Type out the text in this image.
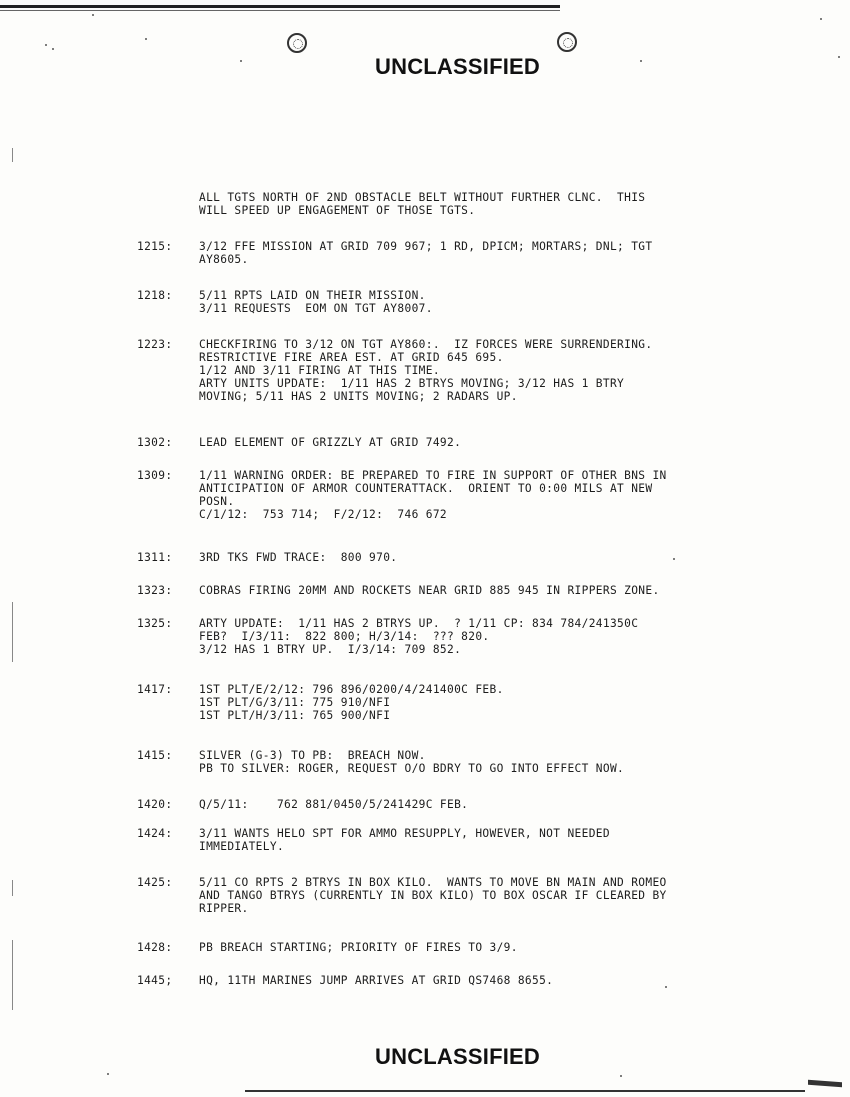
UNCLASSIFIED
ALL TGTS NORTH OF 2ND OBSTACLE BELT WITHOUT FURTHER CLNC.  THIS
WILL SPEED UP ENGAGEMENT OF THOSE TGTS.
1215: 3/12 FFE MISSION AT GRID 709 967; 1 RD, DPICM; MORTARS; DNL; TGT
AY8605.
1218: 5/11 RPTS LAID ON THEIR MISSION.
3/11 REQUESTS  EOM ON TGT AY8007.
1223: CHECKFIRING TO 3/12 ON TGT AY860:.  IZ FORCES WERE SURRENDERING.
RESTRICTIVE FIRE AREA EST. AT GRID 645 695.
1/12 AND 3/11 FIRING AT THIS TIME.
ARTY UNITS UPDATE:  1/11 HAS 2 BTRYS MOVING; 3/12 HAS 1 BTRY
MOVING; 5/11 HAS 2 UNITS MOVING; 2 RADARS UP.
1302: LEAD ELEMENT OF GRIZZLY AT GRID 7492.
1309: 1/11 WARNING ORDER: BE PREPARED TO FIRE IN SUPPORT OF OTHER BNS IN
ANTICIPATION OF ARMOR COUNTERATTACK.  ORIENT TO 0:00 MILS AT NEW
POSN.
C/1/12:  753 714;  F/2/12:  746 672
1311: 3RD TKS FWD TRACE:  800 970.
1323: COBRAS FIRING 20MM AND ROCKETS NEAR GRID 885 945 IN RIPPERS ZONE.
1325: ARTY UPDATE:  1/11 HAS 2 BTRYS UP.  ? 1/11 CP: 834 784/241350C
FEB?  I/3/11:  822 800; H/3/14:  ??? 820.
3/12 HAS 1 BTRY UP.  I/3/14: 709 852.
1417: 1ST PLT/E/2/12: 796 896/0200/4/241400C FEB.
1ST PLT/G/3/11: 775 910/NFI
1ST PLT/H/3/11: 765 900/NFI
1415: SILVER (G-3) TO PB:  BREACH NOW.
PB TO SILVER: ROGER, REQUEST O/O BDRY TO GO INTO EFFECT NOW.
1420: Q/5/11:    762 881/0450/5/241429C FEB.
1424: 3/11 WANTS HELO SPT FOR AMMO RESUPPLY, HOWEVER, NOT NEEDED
IMMEDIATELY.
1425: 5/11 CO RPTS 2 BTRYS IN BOX KILO.  WANTS TO MOVE BN MAIN AND ROMEO
AND TANGO BTRYS (CURRENTLY IN BOX KILO) TO BOX OSCAR IF CLEARED BY
RIPPER.
1428: PB BREACH STARTING; PRIORITY OF FIRES TO 3/9.
1445; HQ, 11TH MARINES JUMP ARRIVES AT GRID QS7468 8655.
UNCLASSIFIED
